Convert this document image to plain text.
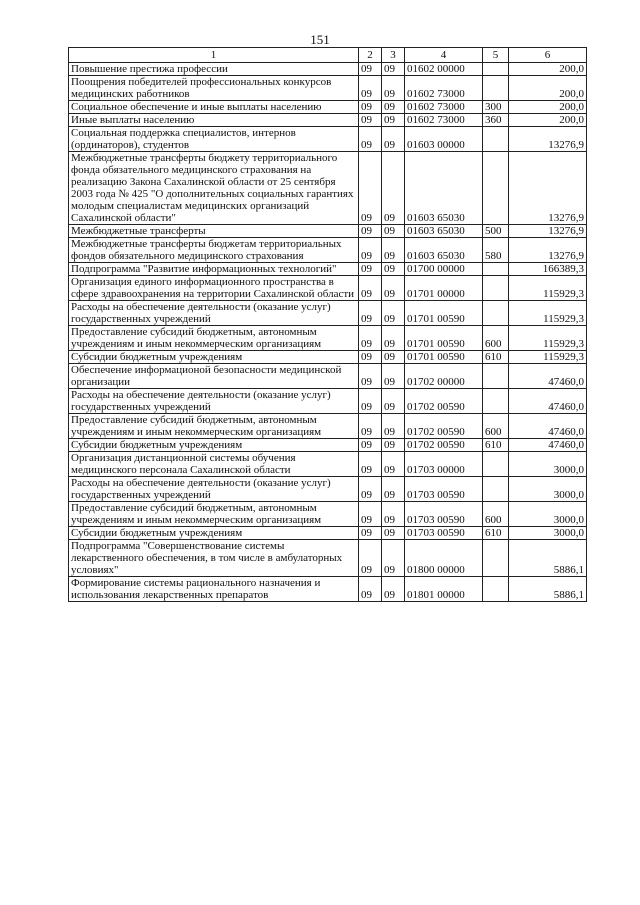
151
1	2	3	4	5	6
Повышение престижа профессии	09	09	01602 00000		200,0
Поощрения победителей профессиональных конкурсов медицинских работников	09	09	01602 73000		200,0
Социальное обеспечение и иные выплаты населению	09	09	01602 73000	300	200,0
Иные выплаты населению	09	09	01602 73000	360	200,0
Социальная поддержка специалистов, интернов (ординаторов), студентов	09	09	01603 00000		13276,9
Межбюджетные трансферты бюджету территориального фонда обязательного медицинского страхования на реализацию Закона Сахалинской области от 25 сентября 2003 года № 425 "О дополнительных социальных гарантиях молодым специалистам медицинских организаций Сахалинской области"	09	09	01603 65030		13276,9
Межбюджетные трансферты	09	09	01603 65030	500	13276,9
Межбюджетные трансферты бюджетам территориальных фондов обязательного медицинского страхования	09	09	01603 65030	580	13276,9
Подпрограмма "Развитие информационных технологий"	09	09	01700 00000		166389,3
Организация единого информационного пространства в сфере здравоохранения на территории Сахалинской области	09	09	01701 00000		115929,3
Расходы на обеспечение деятельности (оказание услуг) государственных учреждений	09	09	01701 00590		115929,3
Предоставление субсидий бюджетным, автономным учреждениям и иным некоммерческим организациям	09	09	01701 00590	600	115929,3
Субсидии бюджетным учреждениям	09	09	01701 00590	610	115929,3
Обеспечение информационой безопасности медицинской организации	09	09	01702 00000		47460,0
Расходы на обеспечение деятельности (оказание услуг) государственных учреждений	09	09	01702 00590		47460,0
Предоставление субсидий бюджетным, автономным учреждениям и иным некоммерческим организациям	09	09	01702 00590	600	47460,0
Субсидии бюджетным учреждениям	09	09	01702 00590	610	47460,0
Организация дистанционной системы обучения медицинского персонала Сахалинской области	09	09	01703 00000		3000,0
Расходы на обеспечение деятельности (оказание услуг) государственных учреждений	09	09	01703 00590		3000,0
Предоставление субсидий бюджетным, автономным учреждениям и иным некоммерческим организациям	09	09	01703 00590	600	3000,0
Субсидии бюджетным учреждениям	09	09	01703 00590	610	3000,0
Подпрограмма "Совершенствование системы лекарственного обеспечения, в том числе в амбулаторных условиях"	09	09	01800 00000		5886,1
Формирование системы рационального назначения и использования лекарственных препаратов	09	09	01801 00000		5886,1
